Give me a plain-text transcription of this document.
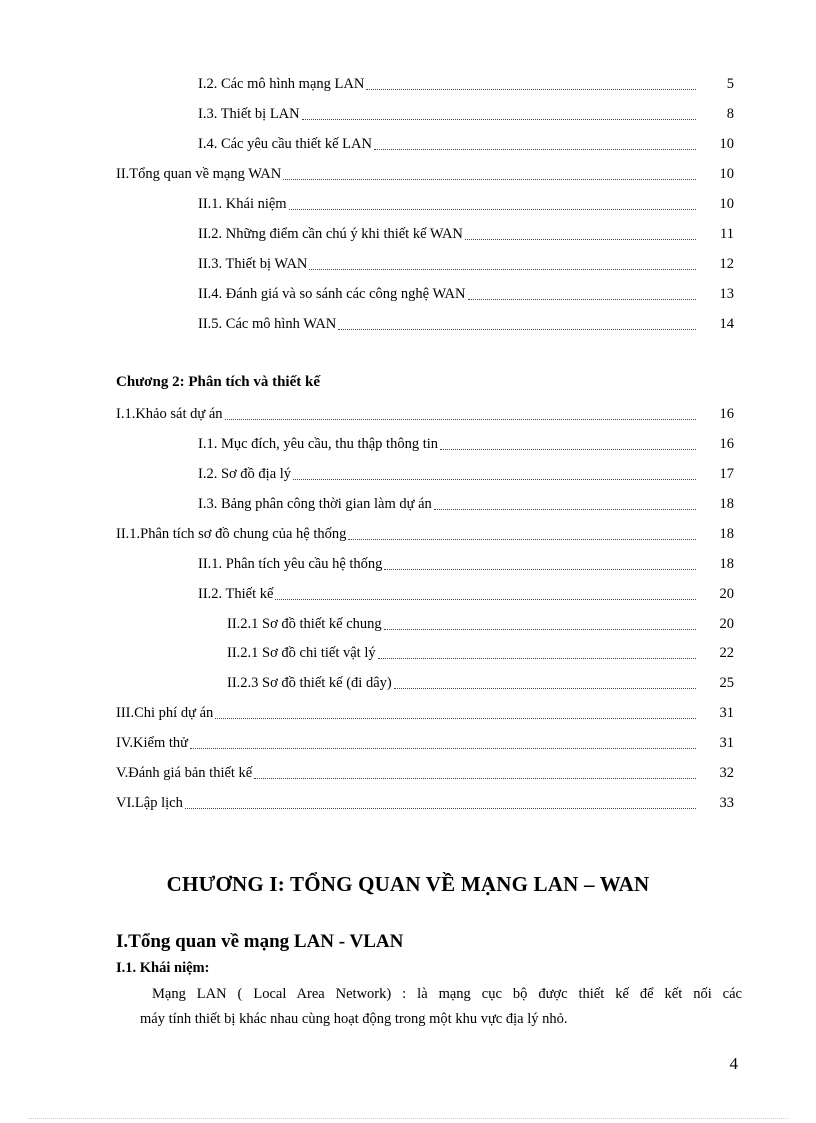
I.2. Các mô hình mạng LAN	5
I.3. Thiết bị LAN	8
I.4. Các yêu cầu thiết kế LAN	10
II.Tổng quan về mạng WAN	10
II.1. Khái niệm	10
II.2. Những điểm cần chú ý khi thiết kế WAN	11
II.3. Thiết bị WAN	12
II.4. Đánh giá và so sánh các công nghệ WAN	13
II.5. Các mô hình WAN	14
Chương 2: Phân tích và thiết kế
I.1.Khảo sát dự án	16
I.1. Mục đích, yêu cầu, thu thập thông tin	16
I.2. Sơ đồ địa lý	17
I.3. Bảng phân công thời gian làm dự án	18
II.1.Phân tích sơ đồ chung của hệ thống	18
II.1. Phân tích yêu cầu hệ thống	18
II.2. Thiết kế	20
II.2.1 Sơ đồ thiết kế chung	20
II.2.1 Sơ đồ chi tiết vật lý	22
II.2.3 Sơ đồ thiết kế (đi dây)	25
III.Chi phí dự án	31
IV.Kiểm thử	31
V.Đánh giá bản thiết kế	32
VI.Lập lịch	33
CHƯƠNG I: TỔNG QUAN VỀ MẠNG LAN – WAN
I.Tổng quan về mạng LAN - VLAN
I.1. Khái niệm:
Mạng LAN ( Local Area Network) : là mạng cục bộ được thiết kế để kết nối các
máy tính thiết bị khác nhau cùng hoạt động trong một khu vực địa lý nhỏ.
4
